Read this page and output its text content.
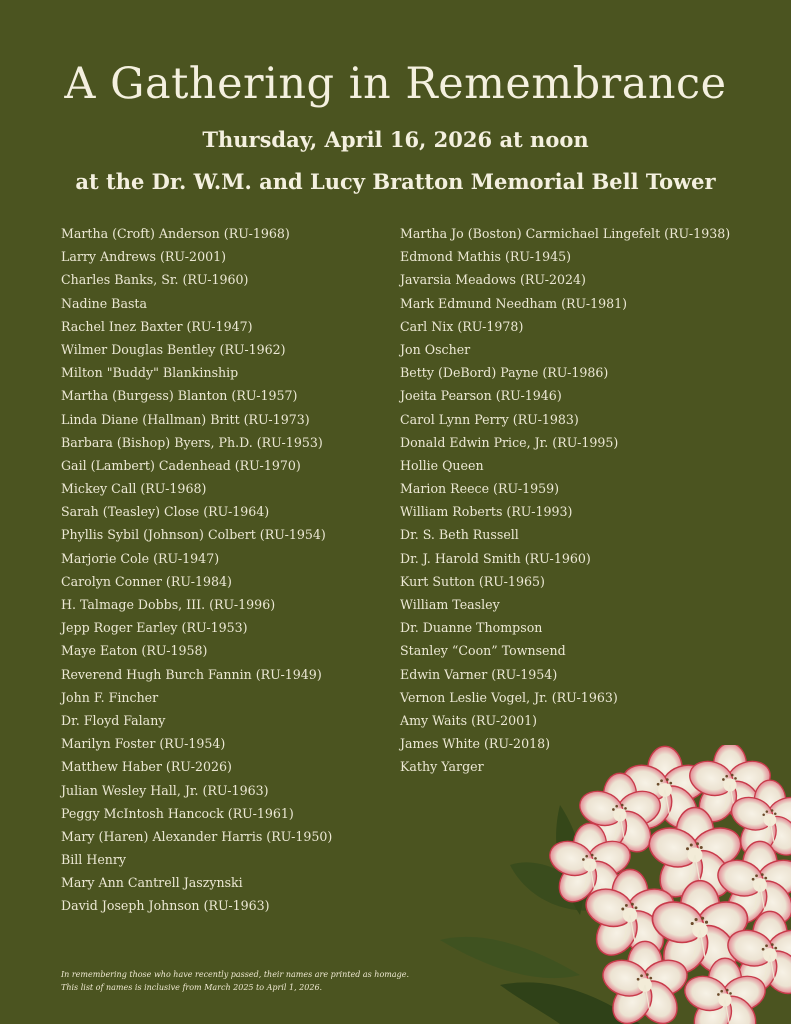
A Gathering in Remembrance
Thursday, April 16, 2026 at noon
at the Dr. W.M. and Lucy Bratton Memorial Bell Tower
Martha (Croft) Anderson (RU-1968)
Larry Andrews (RU-2001)
Charles Banks, Sr. (RU-1960)
Nadine Basta
Rachel Inez Baxter (RU-1947)
Wilmer Douglas Bentley (RU-1962)
Milton "Buddy" Blankinship
Martha (Burgess) Blanton (RU-1957)
Linda Diane (Hallman) Britt (RU-1973)
Barbara (Bishop) Byers, Ph.D. (RU-1953)
Gail (Lambert) Cadenhead (RU-1970)
Mickey Call (RU-1968)
Sarah (Teasley) Close (RU-1964)
Phyllis Sybil (Johnson) Colbert (RU-1954)
Marjorie Cole (RU-1947)
Carolyn Conner (RU-1984)
H. Talmage Dobbs, III. (RU-1996)
Jepp Roger Earley (RU-1953)
Maye Eaton (RU-1958)
Reverend Hugh Burch Fannin (RU-1949)
John F. Fincher
Dr. Floyd Falany
Marilyn Foster (RU-1954)
Matthew Haber (RU-2026)
Julian Wesley Hall, Jr. (RU-1963)
Peggy McIntosh Hancock (RU-1961)
Mary (Haren) Alexander Harris (RU-1950)
Bill Henry
Mary Ann Cantrell Jaszynski
David Joseph Johnson (RU-1963)
Martha Jo (Boston) Carmichael Lingefelt (RU-1938)
Edmond Mathis (RU-1945)
Javarsia Meadows (RU-2024)
Mark Edmund Needham (RU-1981)
Carl Nix (RU-1978)
Jon Oscher
Betty (DeBord) Payne (RU-1986)
Joeita Pearson (RU-1946)
Carol Lynn Perry (RU-1983)
Donald Edwin Price, Jr. (RU-1995)
Hollie Queen
Marion Reece (RU-1959)
William Roberts (RU-1993)
Dr. S. Beth Russell
Dr. J. Harold Smith (RU-1960)
Kurt Sutton (RU-1965)
William Teasley
Dr. Duanne Thompson
Stanley “Coon” Townsend
Edwin Varner (RU-1954)
Vernon Leslie Vogel, Jr. (RU-1963)
Amy Waits (RU-2001)
James White (RU-2018)
Kathy Yarger
In remembering those who have recently passed, their names are printed as homage.
This list of names is inclusive from March 2025 to April 1, 2026.
